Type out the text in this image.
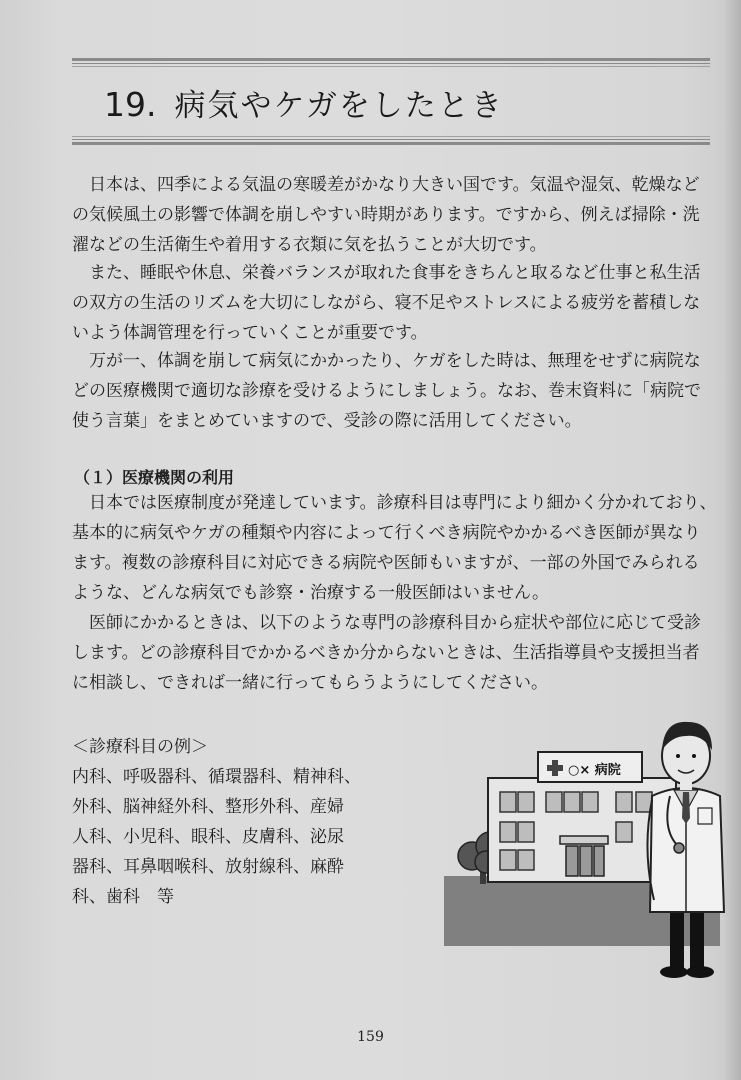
19. 病気やケガをしたとき
　日本は、四季による気温の寒暖差がかなり大きい国です。気温や湿気、乾燥など
の気候風土の影響で体調を崩しやすい時期があります。ですから、例えば掃除・洗
濯などの生活衛生や着用する衣類に気を払うことが大切です。
　また、睡眠や休息、栄養バランスが取れた食事をきちんと取るなど仕事と私生活
の双方の生活のリズムを大切にしながら、寝不足やストレスによる疲労を蓄積しな
いよう体調管理を行っていくことが重要です。
　万が一、体調を崩して病気にかかったり、ケガをした時は、無理をせずに病院な
どの医療機関で適切な診療を受けるようにしましょう。なお、巻末資料に「病院で
使う言葉」をまとめていますので、受診の際に活用してください。
（１）医療機関の利用
　日本では医療制度が発達しています。診療科目は専門により細かく分かれており、
基本的に病気やケガの種類や内容によって行くべき病院やかかるべき医師が異なり
ます。複数の診療科目に対応できる病院や医師もいますが、一部の外国でみられる
ような、どんな病気でも診察・治療する一般医師はいません。
　医師にかかるときは、以下のような専門の診療科目から症状や部位に応じて受診
します。どの診療科目でかかるべきか分からないときは、生活指導員や支援担当者
に相談し、できれば一緒に行ってもらうようにしてください。
＜診療科目の例＞
内科、呼吸器科、循環器科、精神科、
外科、脳神経外科、整形外科、産婦
人科、小児科、眼科、皮膚科、泌尿
器科、耳鼻咽喉科、放射線科、麻酔
科、歯科　等
○× 病院
159
